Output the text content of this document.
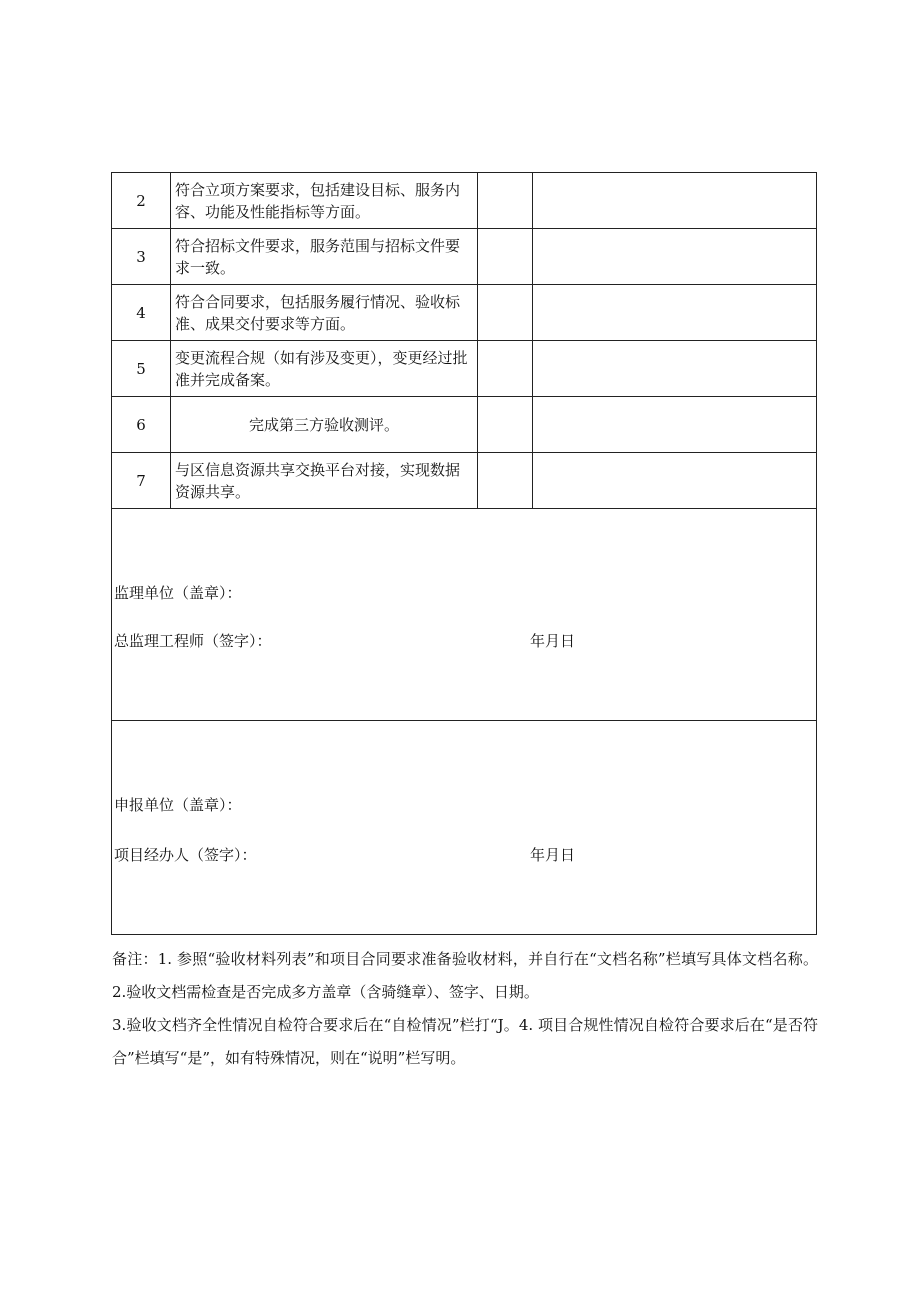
2	符合立项方案要求，包括建设目标、服务内容、功能及性能指标等方面。		
3	符合招标文件要求，服务范围与招标文件要求一致。		
4	符合合同要求，包括服务履行情况、验收标准、成果交付要求等方面。		
5	变更流程合规（如有涉及变更），变更经过批准并完成备案。		
6	完成第三方验收测评。		
7	与区信息资源共享交换平台对接，实现数据资源共享。		
监理单位（盖章）：
总监理工程师（签字）：	年月日
申报单位（盖章）：
项目经办人（签字）：	年月日

备注：1. 参照“验收材料列表”和项目合同要求准备验收材料，并自行在“文档名称”栏填写具体文档名称。2.验收文档需检查是否完成多方盖章（含骑缝章）、签字、日期。

3.验收文档齐全性情况自检符合要求后在“自检情况”栏打“J。4. 项目合规性情况自检符合要求后在“是否符合”栏填写“是”，如有特殊情况，则在“说明”栏写明。
